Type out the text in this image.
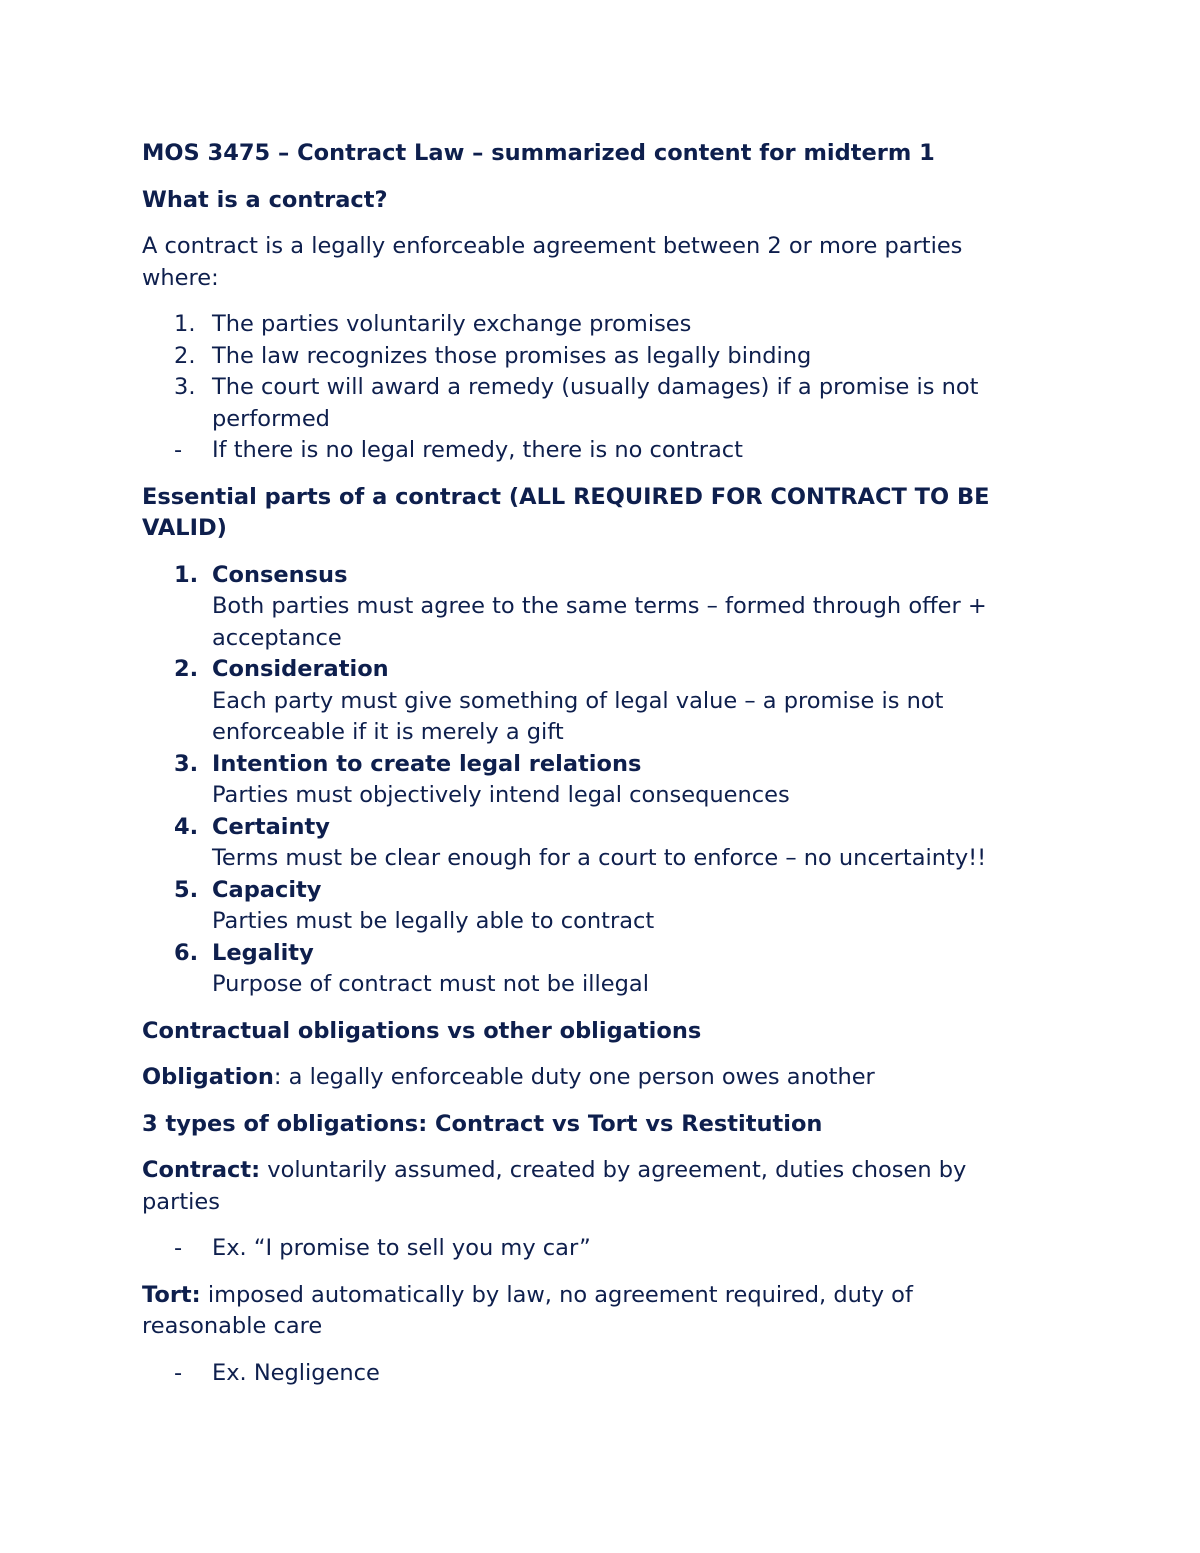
MOS 3475 – Contract Law – summarized content for midterm 1
What is a contract?
A contract is a legally enforceable agreement between 2 or more parties where:
1. The parties voluntarily exchange promises
2. The law recognizes those promises as legally binding
3. The court will award a remedy (usually damages) if a promise is not performed
- If there is no legal remedy, there is no contract
Essential parts of a contract (ALL REQUIRED FOR CONTRACT TO BE VALID)
1. Consensus
Both parties must agree to the same terms – formed through offer + acceptance
2. Consideration
Each party must give something of legal value – a promise is not enforceable if it is merely a gift
3. Intention to create legal relations
Parties must objectively intend legal consequences
4. Certainty
Terms must be clear enough for a court to enforce – no uncertainty!!
5. Capacity
Parties must be legally able to contract
6. Legality
Purpose of contract must not be illegal
Contractual obligations vs other obligations
Obligation: a legally enforceable duty one person owes another
3 types of obligations: Contract vs Tort vs Restitution
Contract: voluntarily assumed, created by agreement, duties chosen by parties
- Ex. “I promise to sell you my car”
Tort: imposed automatically by law, no agreement required, duty of reasonable care
- Ex. Negligence
